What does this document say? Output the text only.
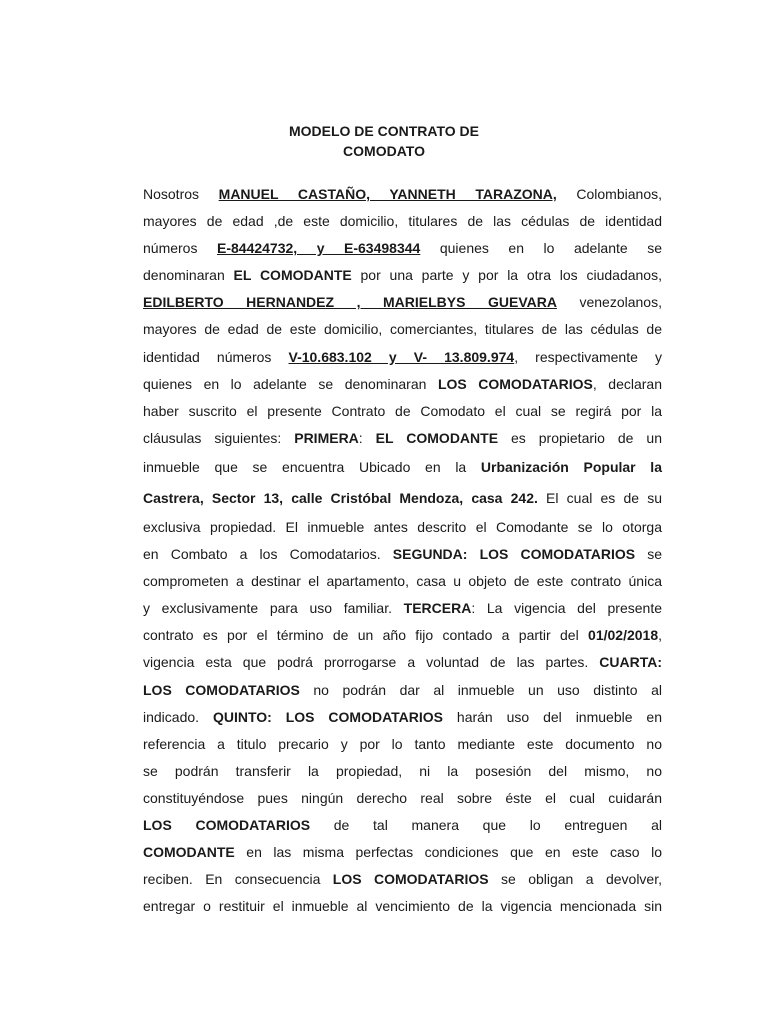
MODELO DE CONTRATO DE
COMODATO
Nosotros MANUEL CASTAÑO, YANNETH TARAZONA, Colombianos,
mayores de edad ,de este domicilio, titulares de las cédulas de identidad
números E-84424732, y E-63498344 quienes en lo adelante se
denominaran EL COMODANTE por una parte y por la otra los ciudadanos,
EDILBERTO HERNANDEZ , MARIELBYS GUEVARA venezolanos,
mayores de edad de este domicilio, comerciantes, titulares de las cédulas de
identidad números V-10.683.102 y V- 13.809.974, respectivamente y
quienes en lo adelante se denominaran LOS COMODATARIOS, declaran
haber suscrito el presente Contrato de Comodato el cual se regirá por la
cláusulas siguientes: PRIMERA: EL COMODANTE es propietario de un
inmueble que se encuentra Ubicado en la Urbanización Popular la
Castrera, Sector 13, calle Cristóbal Mendoza, casa 242. El cual es de su
exclusiva propiedad. El inmueble antes descrito el Comodante se lo otorga
en Combato a los Comodatarios. SEGUNDA: LOS COMODATARIOS se
comprometen a destinar el apartamento, casa u objeto de este contrato única
y exclusivamente para uso familiar. TERCERA: La vigencia del presente
contrato es por el término de un año fijo contado a partir del 01/02/2018,
vigencia esta que podrá prorrogarse a voluntad de las partes. CUARTA:
LOS COMODATARIOS no podrán dar al inmueble un uso distinto al
indicado. QUINTO: LOS COMODATARIOS harán uso del inmueble en
referencia a titulo precario y por lo tanto mediante este documento no
se podrán transferir la propiedad, ni la posesión del mismo, no
constituyéndose pues ningún derecho real sobre éste el cual cuidarán
LOS COMODATARIOS de tal manera que lo entreguen al
COMODANTE en las misma perfectas condiciones que en este caso lo
reciben. En consecuencia LOS COMODATARIOS se obligan a devolver,
entregar o restituir el inmueble al vencimiento de la vigencia mencionada sin
